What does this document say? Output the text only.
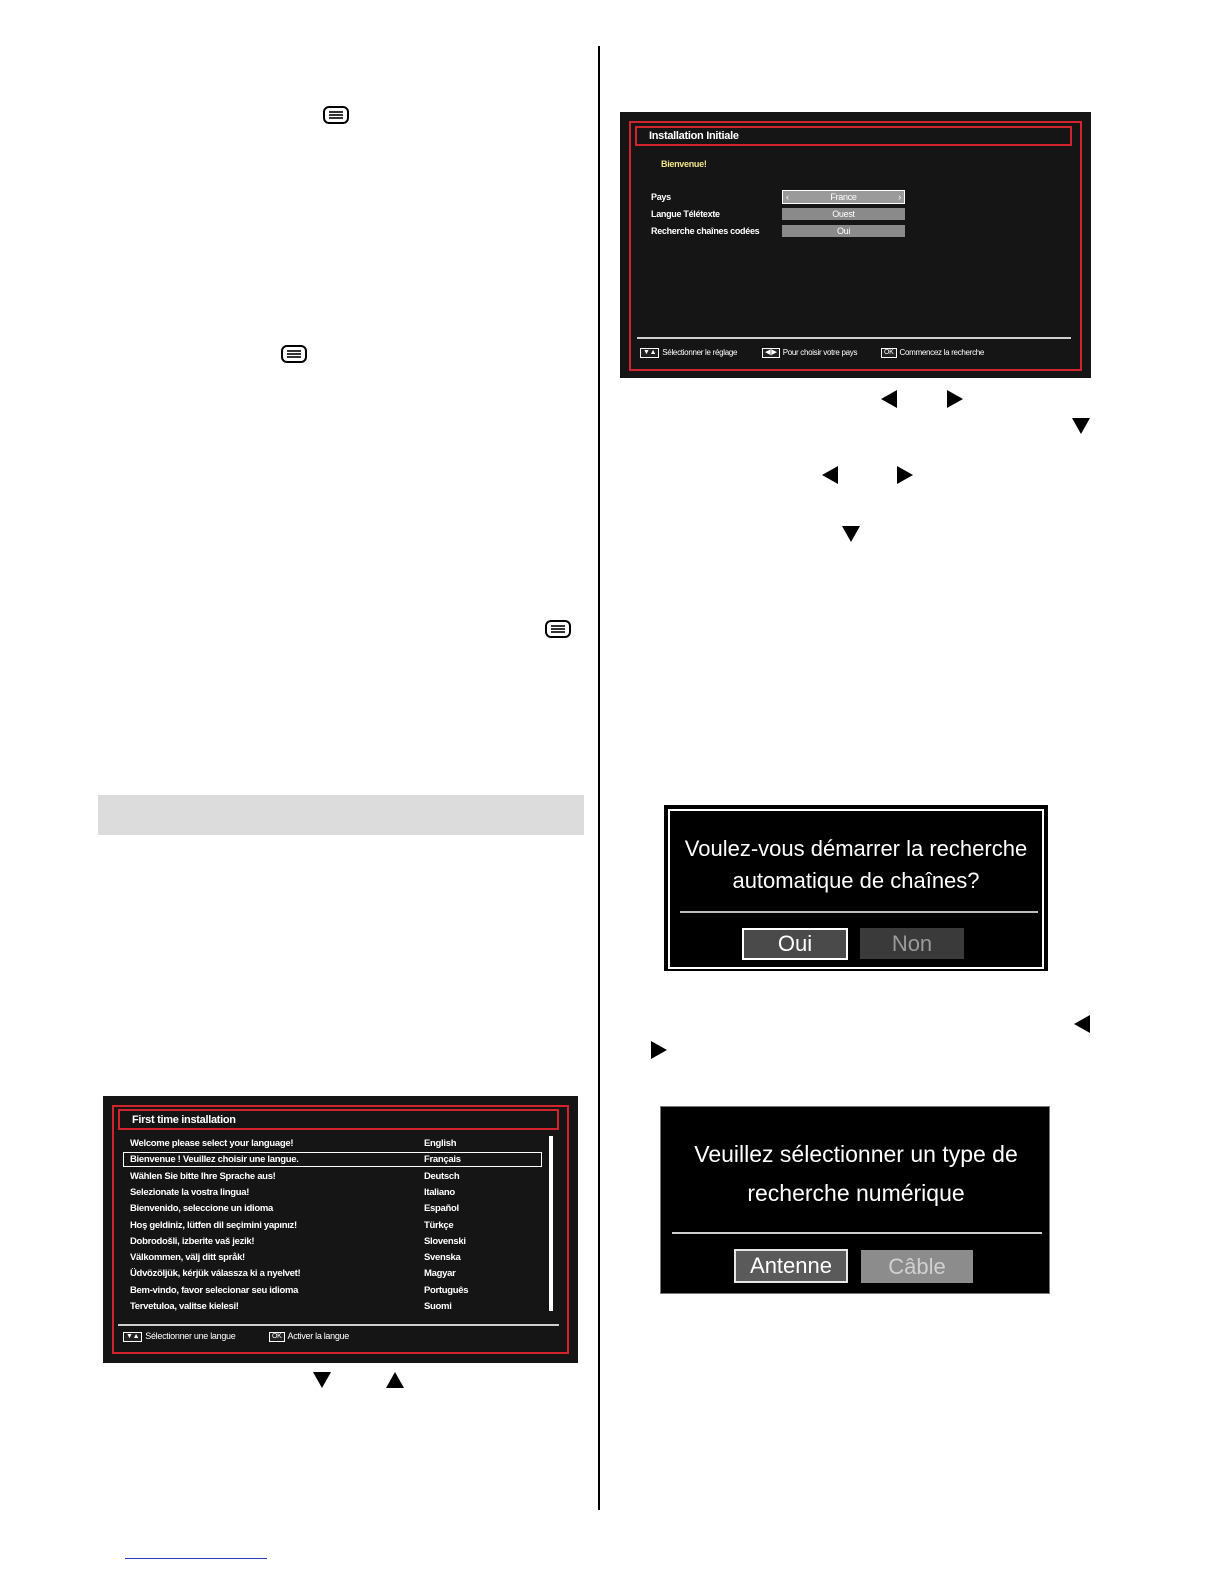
First time installation
Welcome please select your language!	English
Bienvenue ! Veuillez choisir une langue.	Français
Wählen Sie bitte Ihre Sprache aus!	Deutsch
Selezionate la vostra lingua!	Italiano
Bienvenido, seleccione un idioma	Español
Hoş geldiniz, lütfen dil seçimini yapınız!	Türkçe
Dobrodošli, izberite vaš jezik!	Slovenski
Välkommen, välj ditt språk!	Svenska
Üdvözöljük, kérjük válassza ki a nyelvet!	Magyar
Bem-vindo, favor selecionar seu idioma	Português
Tervetuloa, valitse kielesi!	Suomi
▼▲ Sélectionner une langue	OK Activer la langue
Installation Initiale
Bienvenue!
Pays	‹	France	›
Langue Télétexte	Ouest
Recherche chaînes codées	Oui
▼▲ Sélectionner le réglage	◀|▶ Pour choisir votre pays	OK Commencez la recherche
Voulez-vous démarrer la recherche
automatique de chaînes?
Oui	Non
Veuillez sélectionner un type de
recherche numérique
Antenne	Câble
